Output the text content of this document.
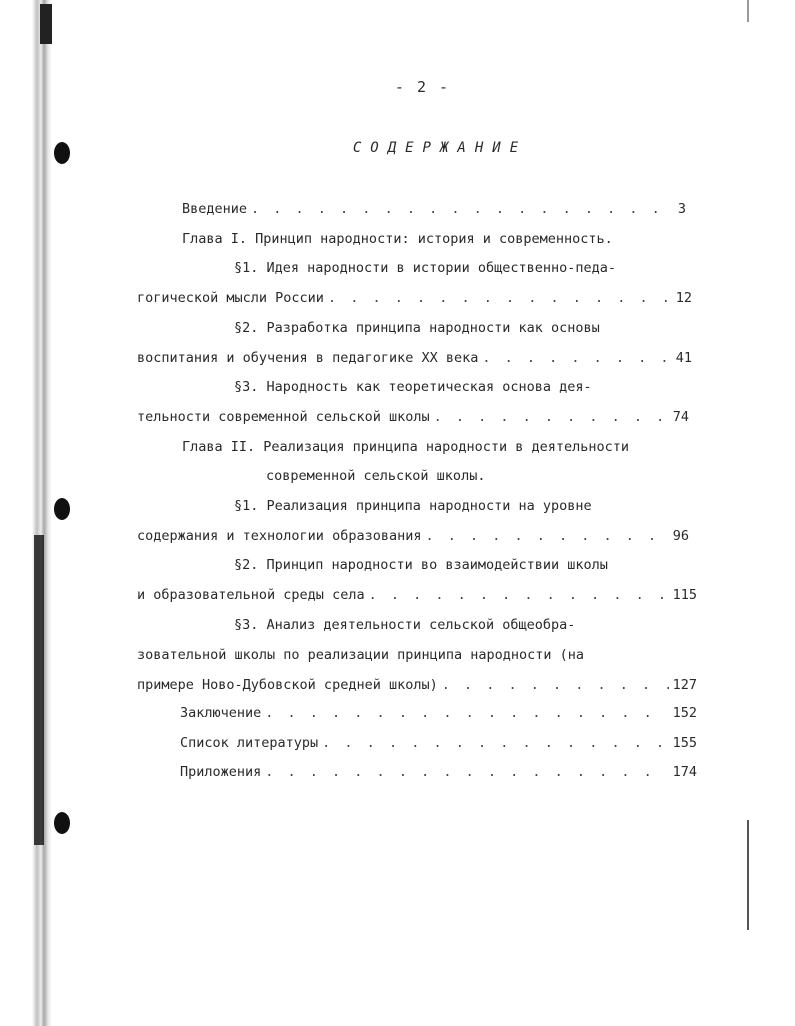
- 2 -
СОДЕРЖАНИЕ
Введение . . .	3
Глава I. Принцип народности: история и современность.
§1. Идея народности в истории общественно-педа-
гогической мысли России . . .	12
§2. Разработка принципа народности как основы
воспитания и обучения в педагогике XX века . . .	41
§3. Народность как теоретическая основа дея-
тельности современной сельской школы . . .	74
Глава II. Реализация принципа народности в деятельности
современной сельской школы.
§1. Реализация принципа народности на уровне
содержания и технологии образования . . .	96
§2. Принцип народности во взаимодействии школы
и образовательной среды села . . .	115
§3. Анализ деятельности сельской общеобра-
зовательной школы по реализации принципа народности (на
примере Ново-Дубовской средней школы) . . .	127
Заключение . . .	152
Список литературы . . .	155
Приложения . . .	174
